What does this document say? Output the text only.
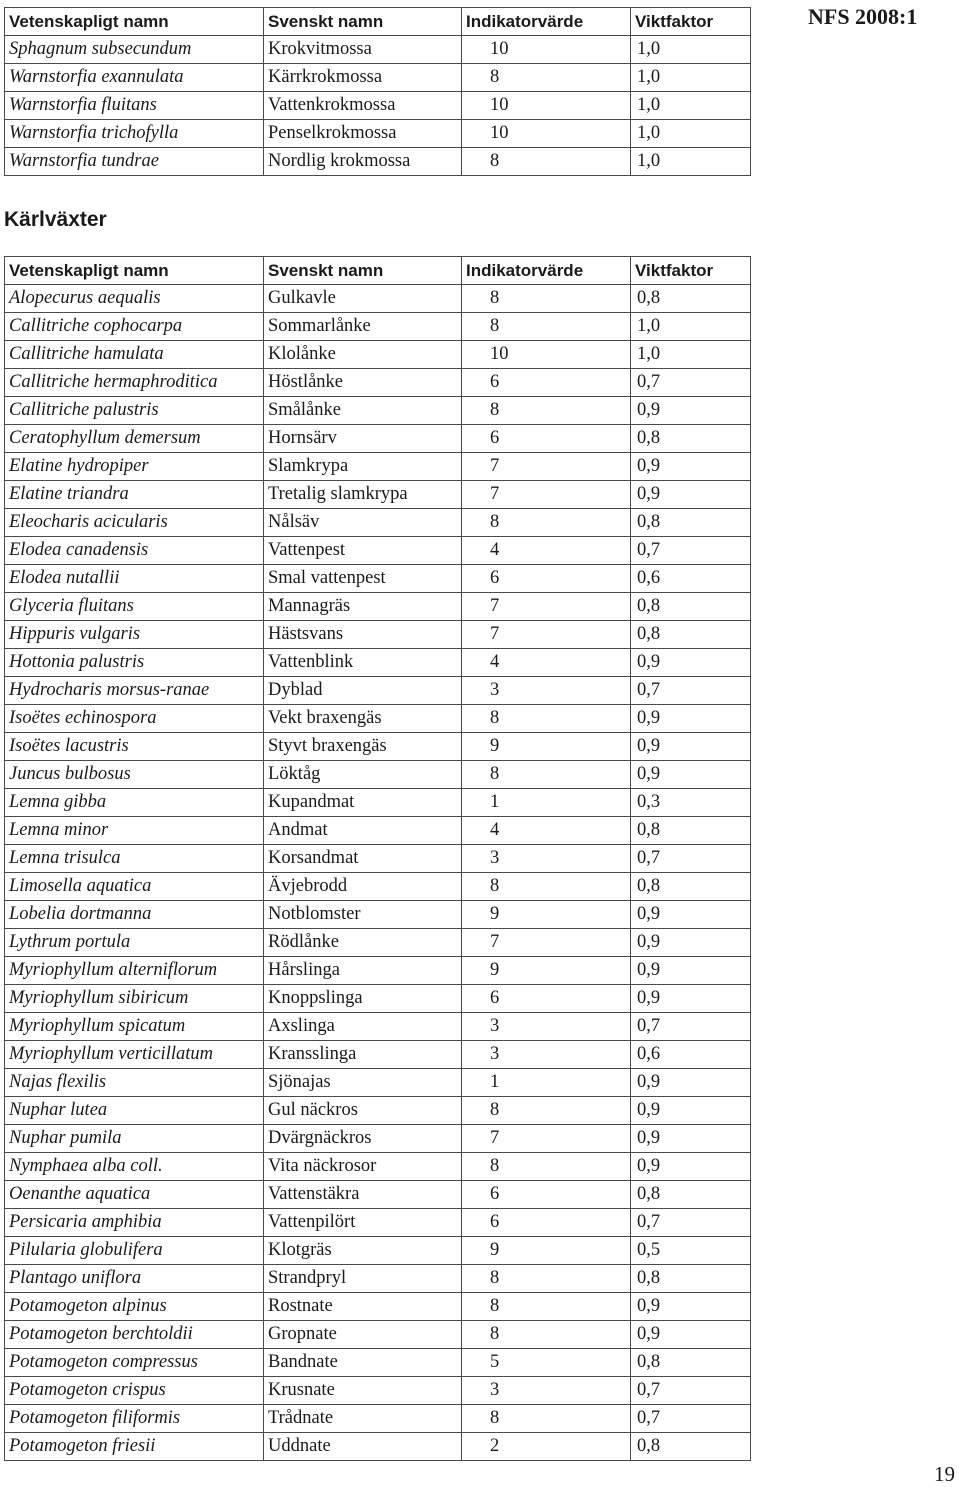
NFS 2008:1
Vetenskapligt namn	Svenskt namn	Indikatorvärde	Viktfaktor
Sphagnum subsecundum	Krokvitmossa	10	1,0
Warnstorfia exannulata	Kärrkrokmossa	8	1,0
Warnstorfia fluitans	Vattenkrokmossa	10	1,0
Warnstorfia trichofylla	Penselkrokmossa	10	1,0
Warnstorfia tundrae	Nordlig krokmossa	8	1,0
Kärlväxter
Vetenskapligt namn	Svenskt namn	Indikatorvärde	Viktfaktor
Alopecurus aequalis	Gulkavle	8	0,8
Callitriche cophocarpa	Sommarlånke	8	1,0
Callitriche hamulata	Klolånke	10	1,0
Callitriche hermaphroditica	Höstlånke	6	0,7
Callitriche palustris	Smålånke	8	0,9
Ceratophyllum demersum	Hornsärv	6	0,8
Elatine hydropiper	Slamkrypa	7	0,9
Elatine triandra	Tretalig slamkrypa	7	0,9
Eleocharis acicularis	Nålsäv	8	0,8
Elodea canadensis	Vattenpest	4	0,7
Elodea nutallii	Smal vattenpest	6	0,6
Glyceria fluitans	Mannagräs	7	0,8
Hippuris vulgaris	Hästsvans	7	0,8
Hottonia palustris	Vattenblink	4	0,9
Hydrocharis morsus-ranae	Dyblad	3	0,7
Isoëtes echinospora	Vekt braxengäs	8	0,9
Isoëtes lacustris	Styvt braxengäs	9	0,9
Juncus bulbosus	Löktåg	8	0,9
Lemna gibba	Kupandmat	1	0,3
Lemna minor	Andmat	4	0,8
Lemna trisulca	Korsandmat	3	0,7
Limosella aquatica	Ävjebrodd	8	0,8
Lobelia dortmanna	Notblomster	9	0,9
Lythrum portula	Rödlånke	7	0,9
Myriophyllum alterniflorum	Hårslinga	9	0,9
Myriophyllum sibiricum	Knoppslinga	6	0,9
Myriophyllum spicatum	Axslinga	3	0,7
Myriophyllum verticillatum	Kransslinga	3	0,6
Najas flexilis	Sjönajas	1	0,9
Nuphar lutea	Gul näckros	8	0,9
Nuphar pumila	Dvärgnäckros	7	0,9
Nymphaea alba coll.	Vita näckrosor	8	0,9
Oenanthe aquatica	Vattenstäkra	6	0,8
Persicaria amphibia	Vattenpilört	6	0,7
Pilularia globulifera	Klotgräs	9	0,5
Plantago uniflora	Strandpryl	8	0,8
Potamogeton alpinus	Rostnate	8	0,9
Potamogeton berchtoldii	Gropnate	8	0,9
Potamogeton compressus	Bandnate	5	0,8
Potamogeton crispus	Krusnate	3	0,7
Potamogeton filiformis	Trådnate	8	0,7
Potamogeton friesii	Uddnate	2	0,8
19
